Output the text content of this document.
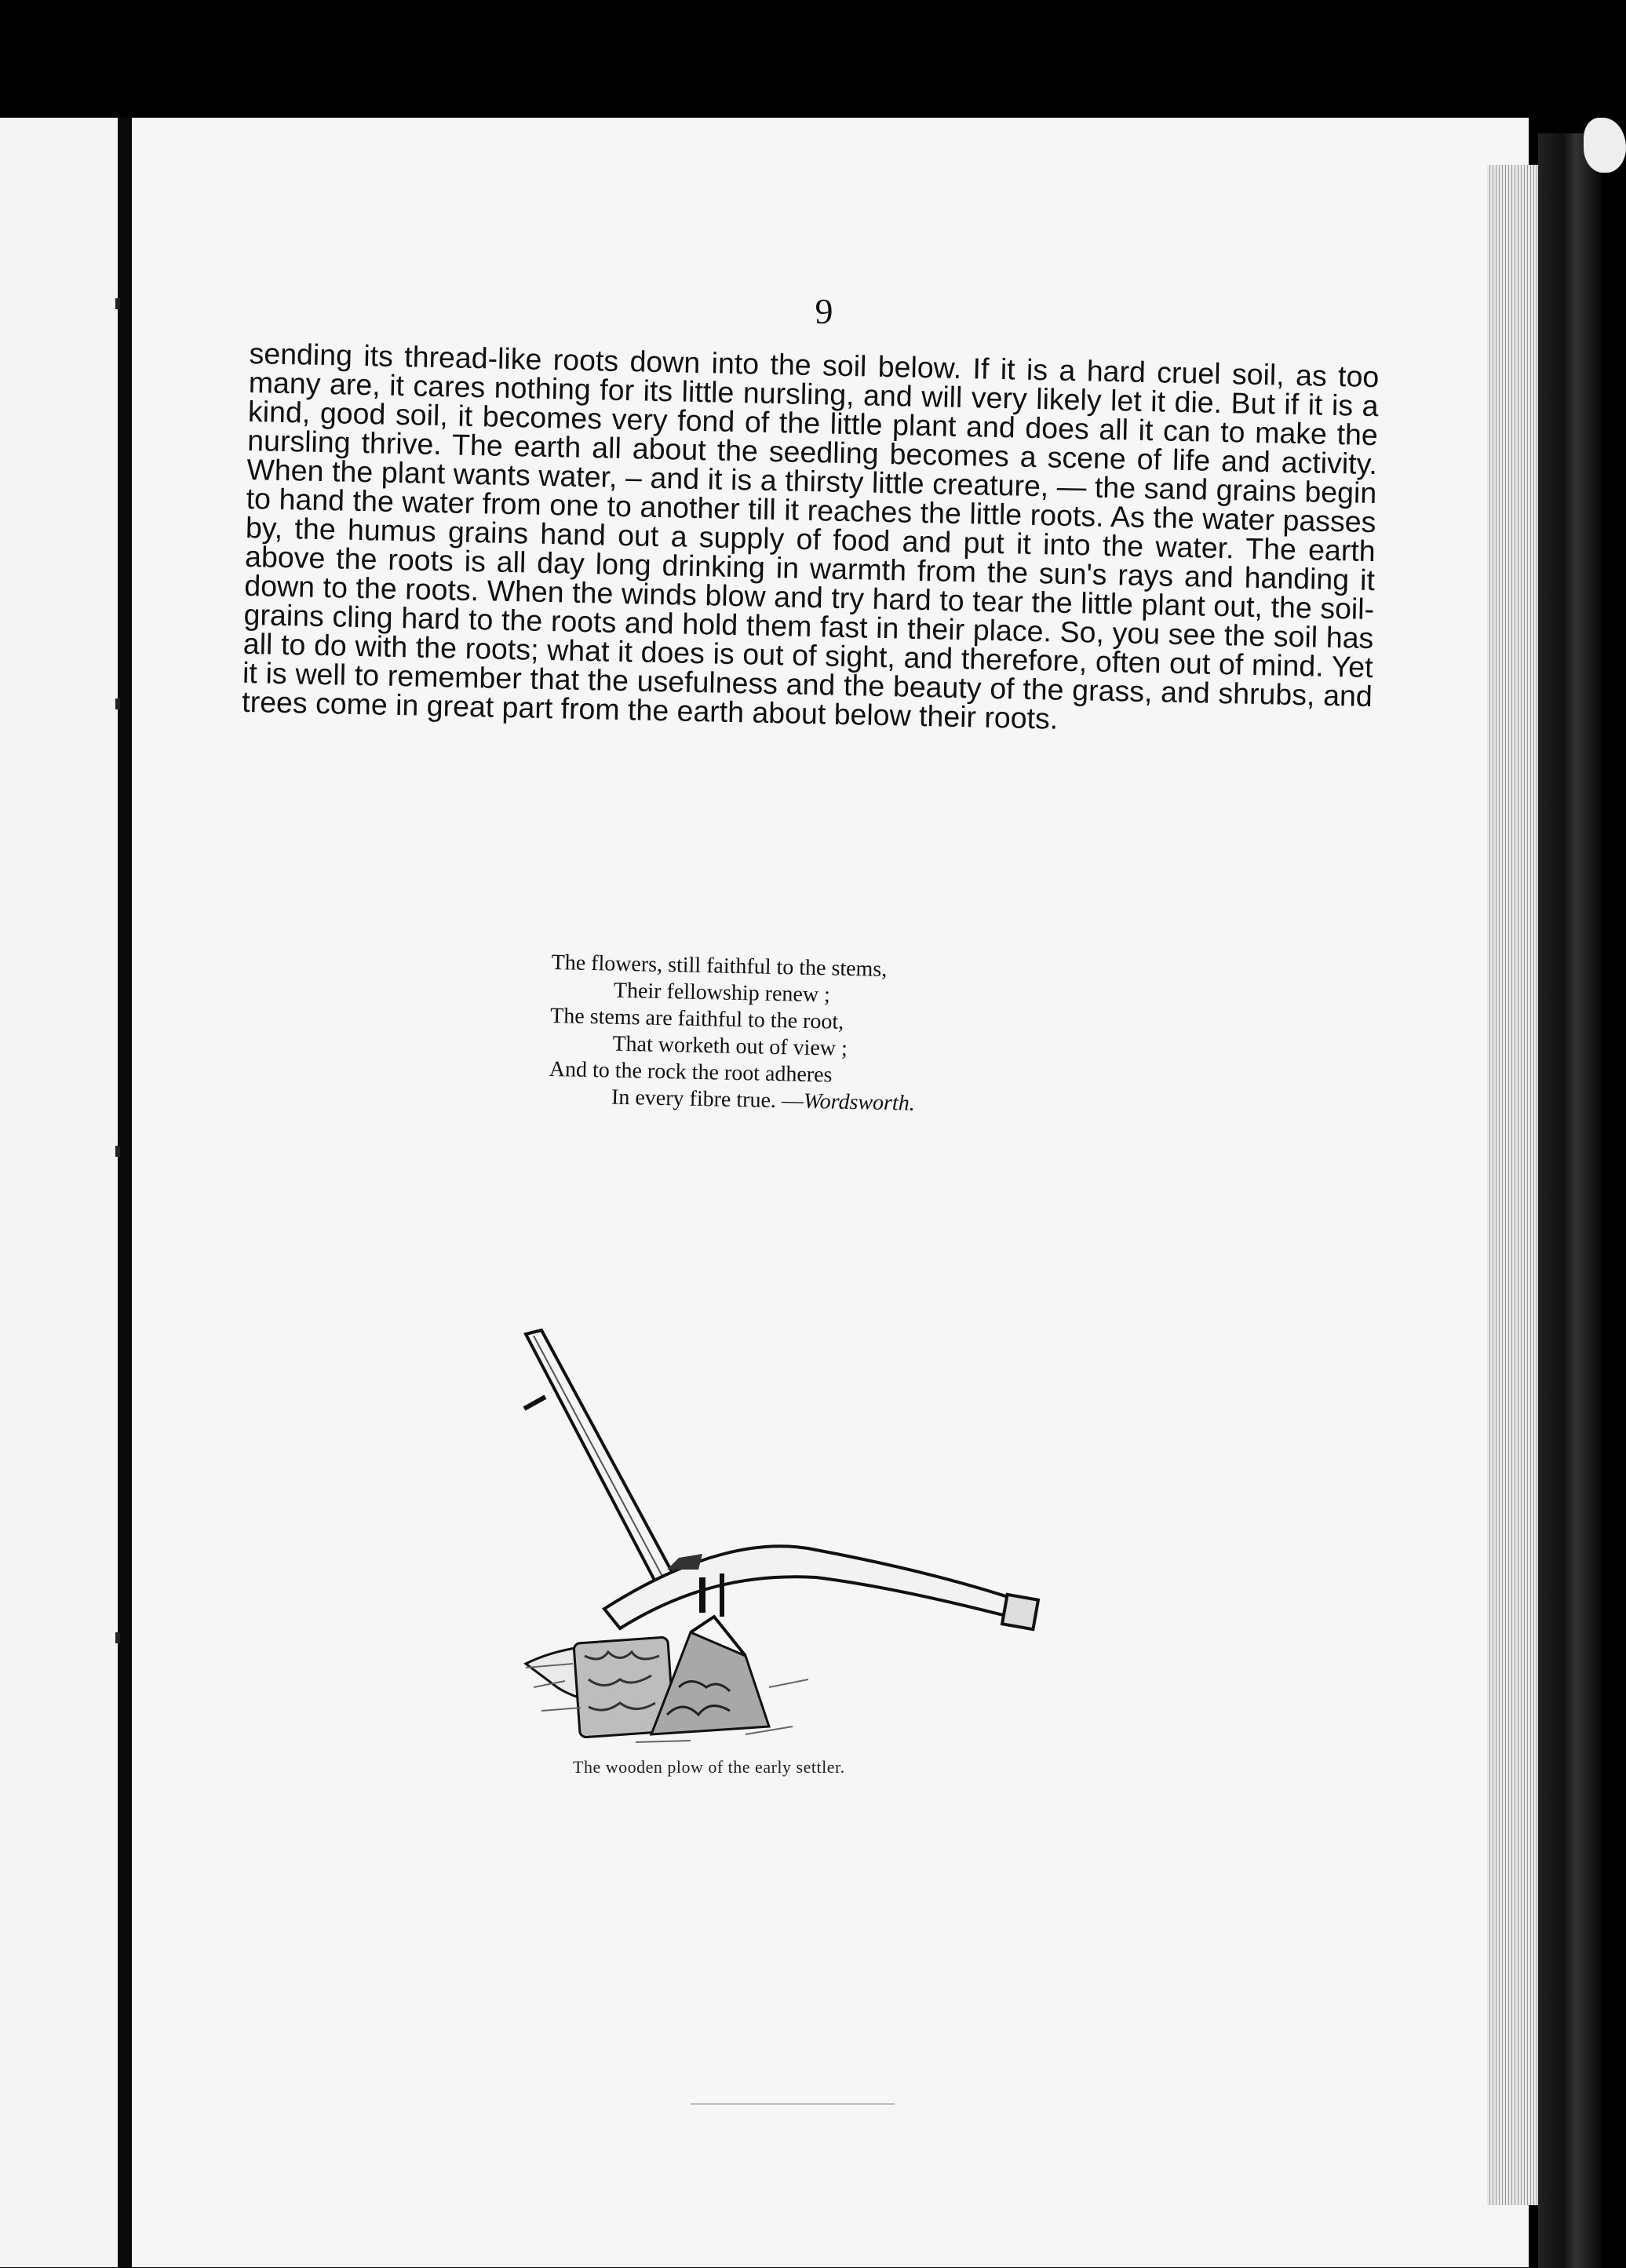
9
sending its thread-like roots down into the soil below. If it is a hard cruel soil, as too many are, it cares nothing for its little nursling, and will very likely let it die. But if it is a kind, good soil, it becomes very fond of the little plant and does all it can to make the nursling thrive. The earth all about the seedling becomes a scene of life and activity. When the plant wants water, – and it is a thirsty little creature, — the sand grains begin to hand the water from one to another till it reaches the little roots. As the water passes by, the humus grains hand out a supply of food and put it into the water. The earth above the roots is all day long drinking in warmth from the sun's rays and handing it down to the roots. When the winds blow and try hard to tear the little plant out, the soil-grains cling hard to the roots and hold them fast in their place. So, you see the soil has all to do with the roots; what it does is out of sight, and therefore, often out of mind. Yet it is well to remember that the usefulness and the beauty of the grass, and shrubs, and trees come in great part from the earth about below their roots.
The flowers, still faithful to the stems,
Their fellowship renew ;
The stems are faithful to the root,
That worketh out of view ;
And to the rock the root adheres
In every fibre true. —Wordsworth.
The wooden plow of the early settler.
